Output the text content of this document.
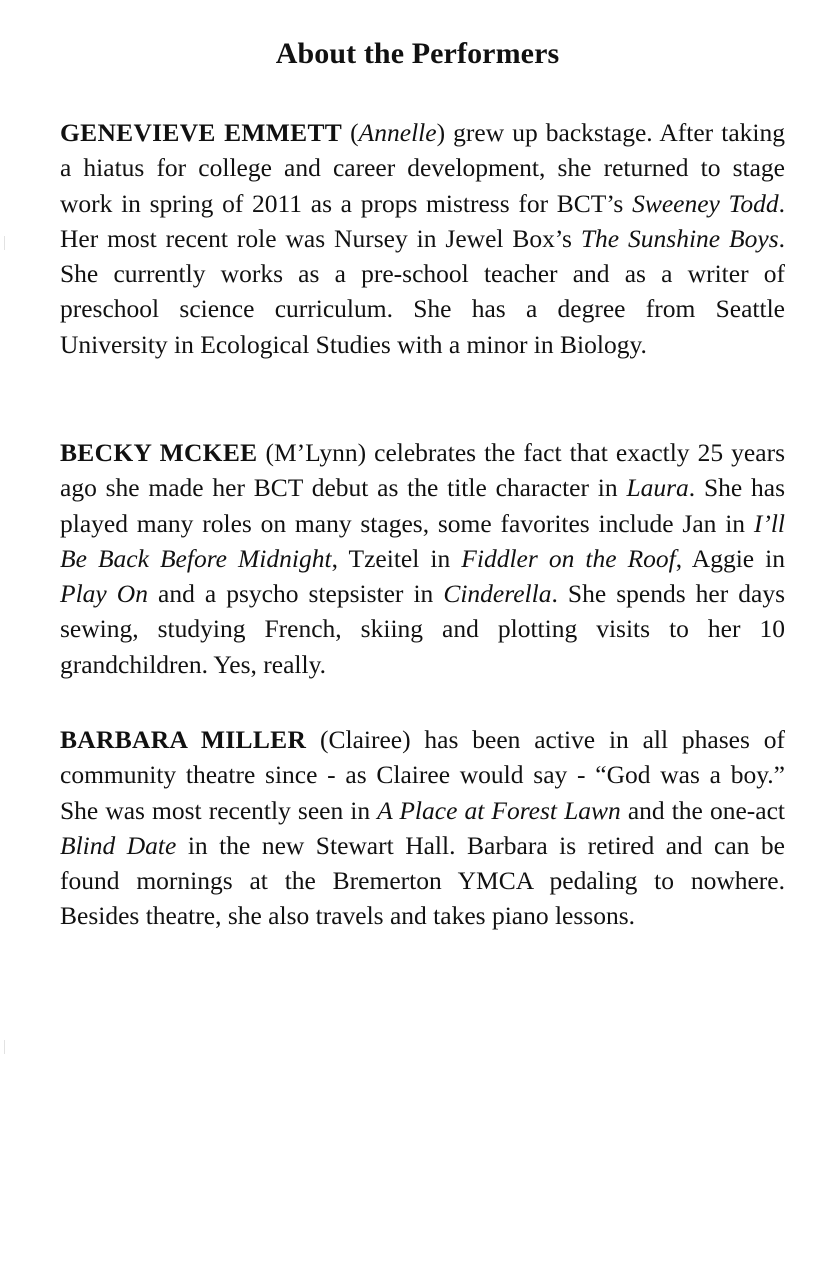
About the Performers

GENEVIEVE EMMETT (Annelle) grew up backstage. After taking a hiatus for college and career development, she returned to stage work in spring of 2011 as a props mistress for BCT’s Sweeney Todd. Her most recent role was Nursey in Jewel Box’s The Sunshine Boys. She currently works as a pre-school teacher and as a writer of preschool science curriculum. She has a degree from Seattle University in Ecological Studies with a minor in Biology.

BECKY MCKEE (M’Lynn) celebrates the fact that exactly 25 years ago she made her BCT debut as the title character in Laura. She has played many roles on many stages, some favorites include Jan in I’ll Be Back Before Midnight, Tzeitel in Fiddler on the Roof, Aggie in Play On and a psycho stepsister in Cinderella. She spends her days sewing, studying French, skiing and plotting visits to her 10 grandchildren. Yes, really.

BARBARA MILLER (Clairee) has been active in all phases of community theatre since - as Clairee would say - “God was a boy.” She was most recently seen in A Place at Forest Lawn and the one-act Blind Date in the new Stewart Hall. Barbara is retired and can be found mornings at the Bremerton YMCA pedaling to nowhere. Besides theatre, she also travels and takes piano lessons.
